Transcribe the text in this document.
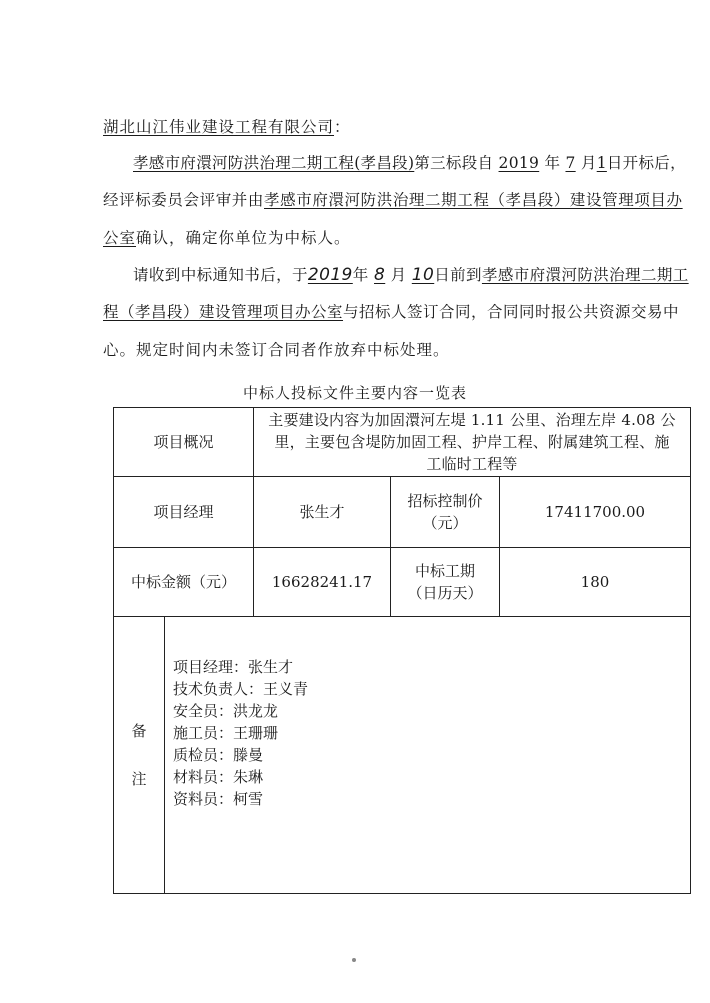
湖北山江伟业建设工程有限公司：
孝感市府澴河防洪治理二期工程(孝昌段)第三标段自 2019 年 7 月1日开标后，
经评标委员会评审并由孝感市府澴河防洪治理二期工程（孝昌段）建设管理项目办
公室确认，确定你单位为中标人。
请收到中标通知书后，于2019年 8 月 10日前到孝感市府澴河防洪治理二期工
程（孝昌段）建设管理项目办公室与招标人签订合同，合同同时报公共资源交易中
心。规定时间内未签订合同者作放弃中标处理。
中标人投标文件主要内容一览表
项目概况
主要建设内容为加固澴河左堤 1.11 公里、治理左岸 4.08 公
里，主要包含堤防加固工程、护岸工程、附属建筑工程、施
工临时工程等
项目经理	张生才
招标控制价
（元）
17411700.00
中标金额（元）	16628241.17
中标工期
（日历天）
180
备
注
项目经理：张生才
技术负责人：王义青
安全员：洪龙龙
施工员：王珊珊
质检员：滕曼
材料员：朱琳
资料员：柯雪
